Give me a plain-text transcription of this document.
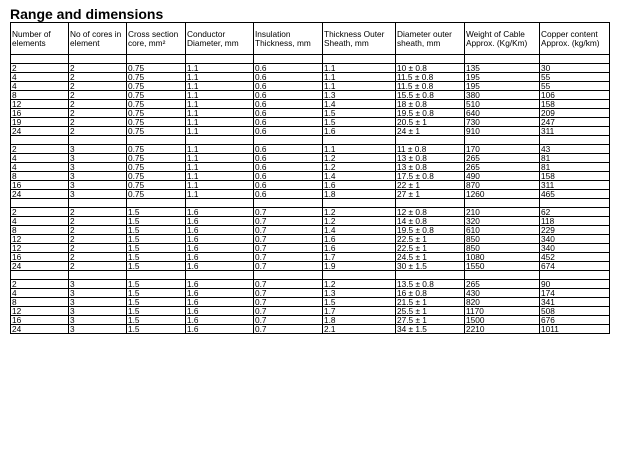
Range and dimensions
Number of elements	No of cores in element	Cross section core, mm²	Conductor Diameter, mm	Insulation Thickness, mm	Thickness Outer Sheath, mm	Diameter outer sheath, mm	Weight of Cable Approx. (Kg/Km)	Copper content Approx. (kg/km)

2	2	0.75	1.1	0.6	1.1	10 ± 0.8	135	30
4	2	0.75	1.1	0.6	1.1	11.5 ± 0.8	195	55
4	2	0.75	1.1	0.6	1.1	11.5 ± 0.8	195	55
8	2	0.75	1.1	0.6	1.3	15.5 ± 0.8	380	106
12	2	0.75	1.1	0.6	1.4	18 ± 0.8	510	158
16	2	0.75	1.1	0.6	1.5	19.5 ± 0.8	640	209
19	2	0.75	1.1	0.6	1.5	20.5 ± 1	730	247
24	2	0.75	1.1	0.6	1.6	24 ± 1	910	311

2	3	0.75	1.1	0.6	1.1	11 ± 0.8	170	43
4	3	0.75	1.1	0.6	1.2	13 ± 0.8	265	81
4	3	0.75	1.1	0.6	1.2	13 ± 0.8	265	81
8	3	0.75	1.1	0.6	1.4	17.5 ± 0.8	490	158
16	3	0.75	1.1	0.6	1.6	22 ± 1	870	311
24	3	0.75	1.1	0.6	1.8	27 ± 1	1260	465

2	2	1.5	1.6	0.7	1.2	12 ± 0.8	210	62
4	2	1.5	1.6	0.7	1.2	14 ± 0.8	320	118
8	2	1.5	1.6	0.7	1.4	19.5 ± 0.8	610	229
12	2	1.5	1.6	0.7	1.6	22.5 ± 1	850	340
12	2	1.5	1.6	0.7	1.6	22.5 ± 1	850	340
16	2	1.5	1.6	0.7	1.7	24.5 ± 1	1080	452
24	2	1.5	1.6	0.7	1.9	30 ± 1.5	1550	674

2	3	1.5	1.6	0.7	1.2	13.5 ± 0.8	265	90
4	3	1.5	1.6	0.7	1.3	16 ± 0.8	430	174
8	3	1.5	1.6	0.7	1.5	21.5 ± 1	820	341
12	3	1.5	1.6	0.7	1.7	25.5 ± 1	1170	508
16	3	1.5	1.6	0.7	1.8	27.5 ± 1	1500	676
24	3	1.5	1.6	0.7	2.1	34 ± 1.5	2210	1011
